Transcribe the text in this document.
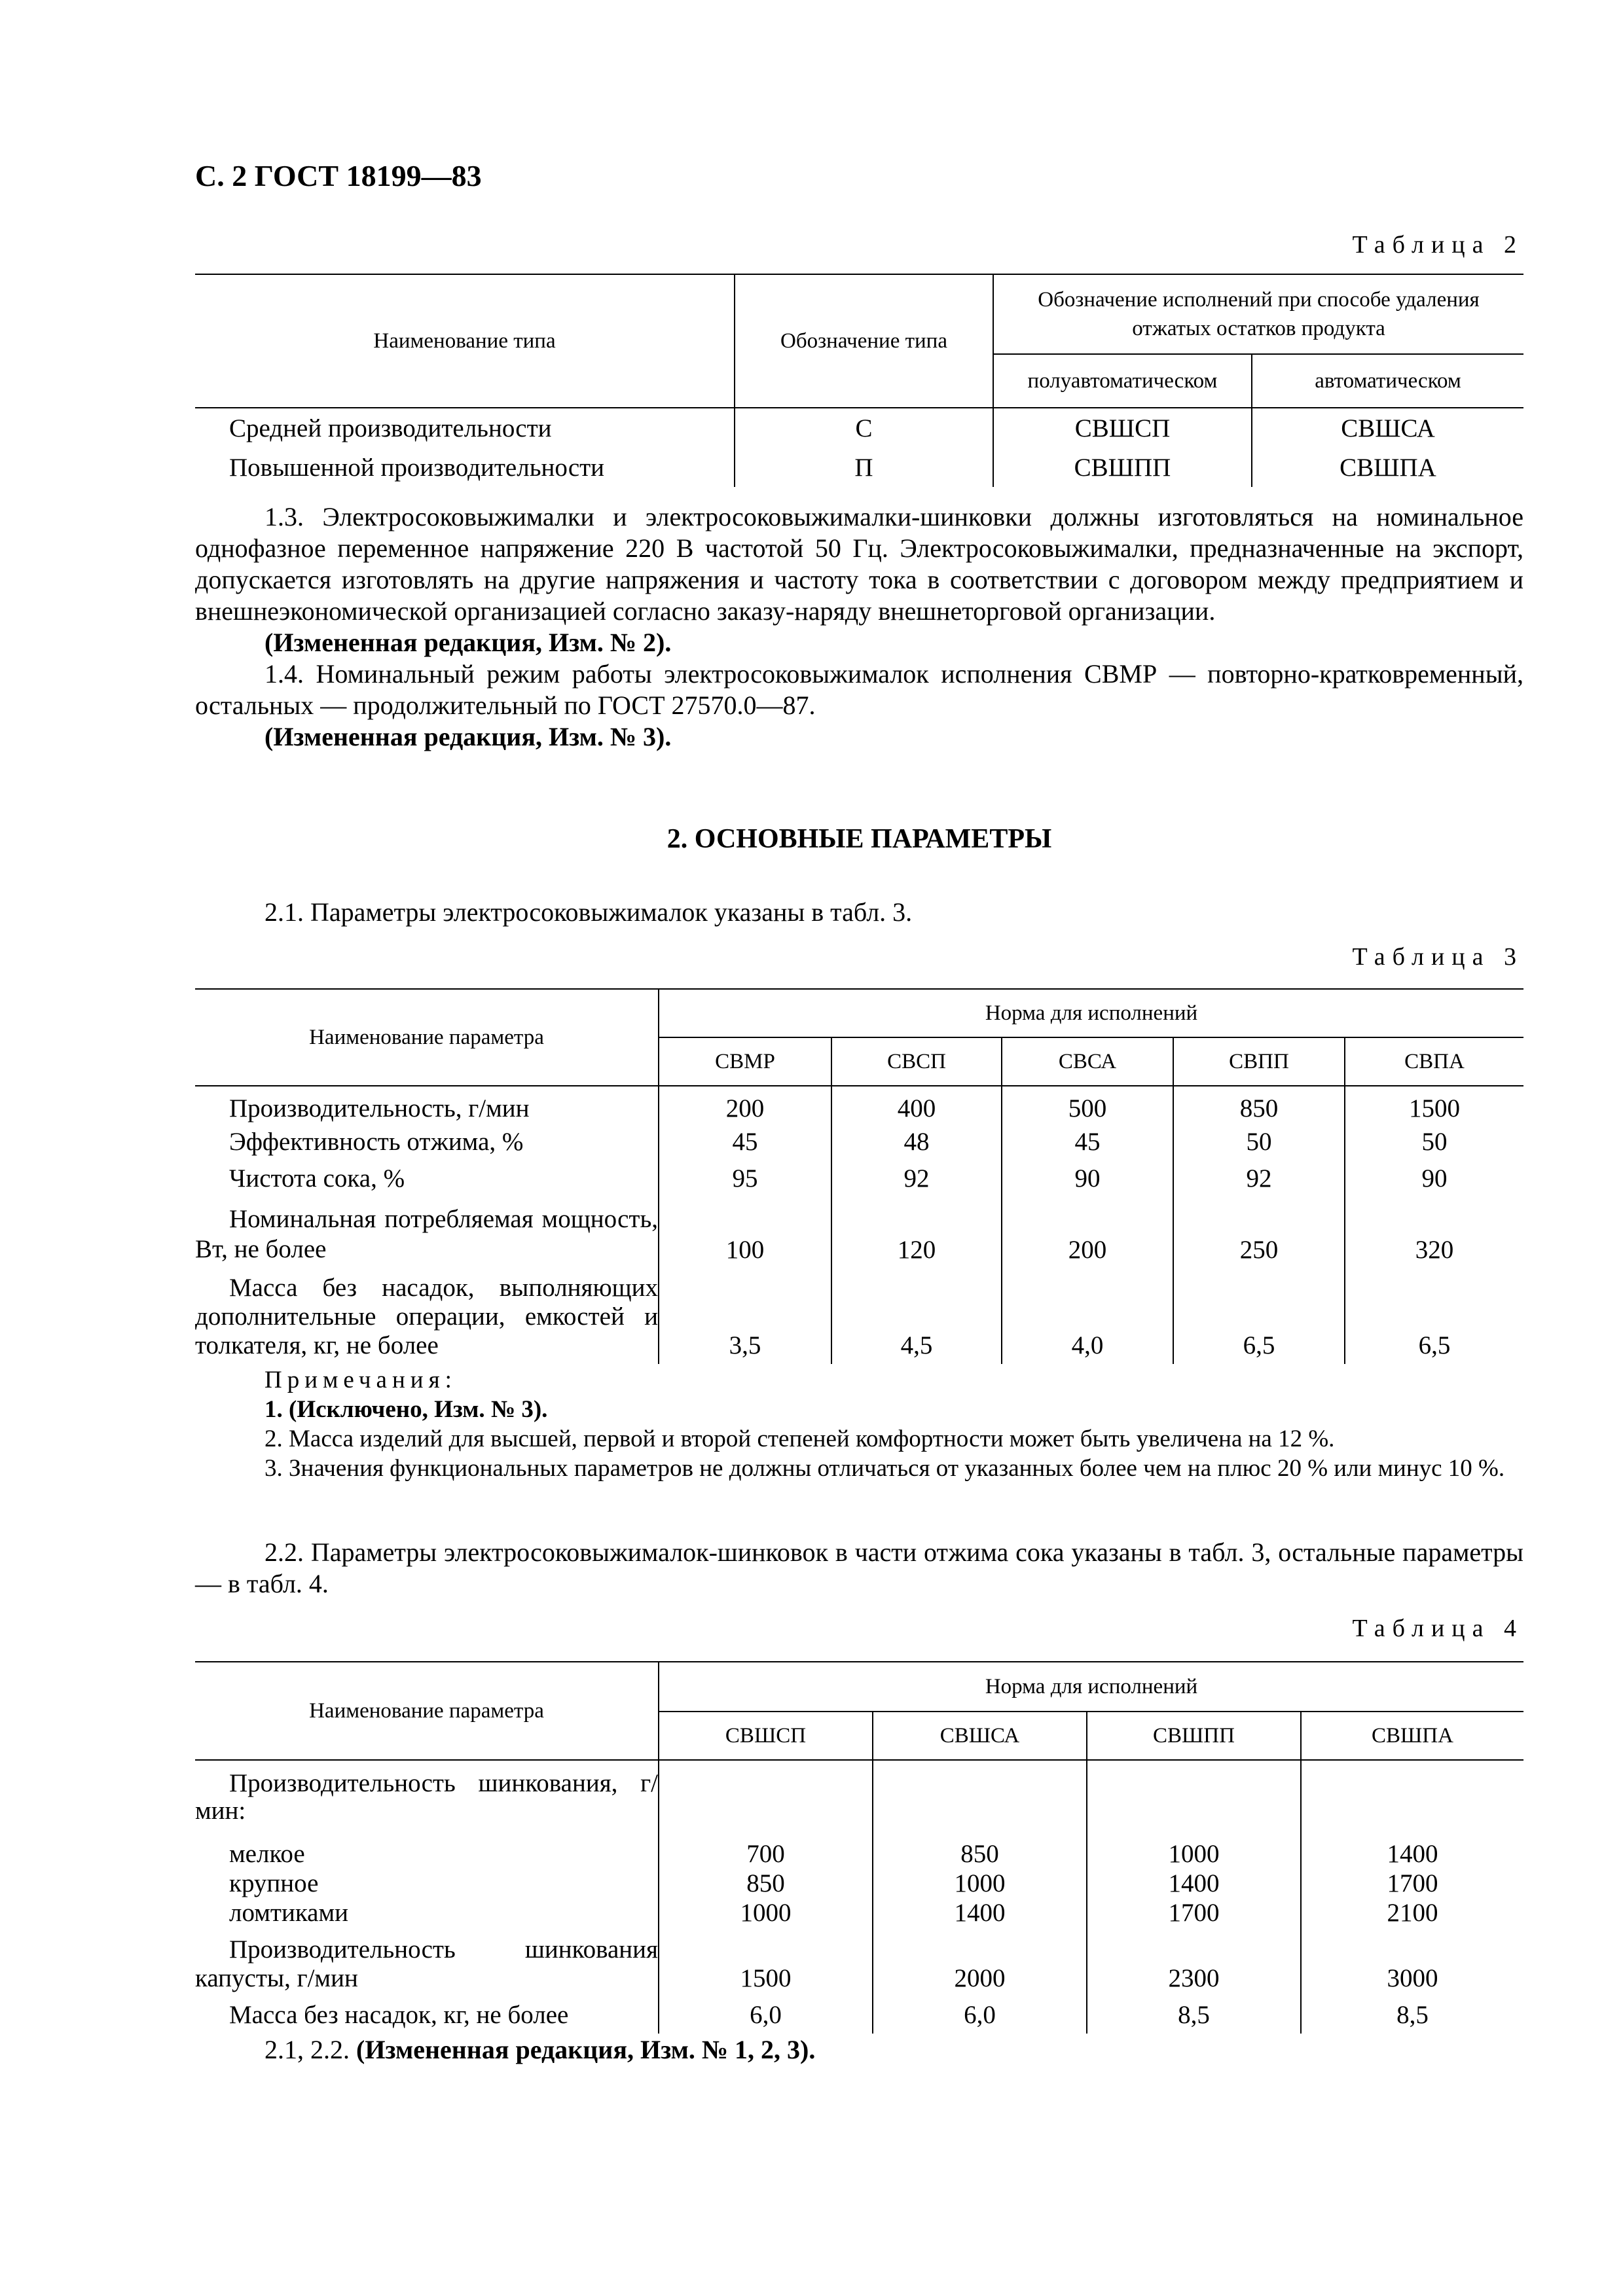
С. 2 ГОСТ 18199—83
Таблица 2
Наименование типа	Обозначение типа	Обозначение исполнений при способе удаления отжатых остатков продукта	
		полуавтоматическом	автоматическом
Средней производительности	С	СВШСП	СВШСА
Повышенной производительности	П	СВШПП	СВШПА

1.3. Электросоковыжималки и электросоковыжималки-шинковки должны изготовляться на номинальное однофазное переменное напряжение 220 В частотой 50 Гц. Электросоковыжималки, предназначенные на экспорт, допускается изготовлять на другие напряжения и частоту тока в соответствии с договором между предприятием и внешнеэкономической организацией согласно заказу-наряду внешнеторговой организации.

(Измененная редакция, Изм. № 2).

1.4. Номинальный режим работы электросоковыжималок исполнения СВМР — повторно-кратковременный, остальных — продолжительный по ГОСТ 27570.0—87.

(Измененная редакция, Изм. № 3).

2. ОСНОВНЫЕ ПАРАМЕТРЫ

2.1. Параметры электросоковыжималок указаны в табл. 3.

Таблица 3
Наименование параметра	Норма для исполнений				
	СВМР	СВСП	СВСА	СВПП	СВПА
Производительность, г/мин	200	400	500	850	1500
Эффективность отжима, %	45	48	45	50	50
Чистота сока, %	95	92	90	92	90

Номинальная потребляемая мощность, Вт, не более	100	120	200	250	320

Масса без насадок, выполняющих дополнительные операции, емкостей и толкателя, кг, не более	3,5	4,5	4,0	6,5	6,5

Примечания:

1. (Исключено, Изм. № 3).

2. Масса изделий для высшей, первой и второй степеней комфортности может быть увеличена на 12 %.

3. Значения функциональных параметров не должны отличаться от указанных более чем на плюс 20 % или минус 10 %.

2.2. Параметры электросоковыжималок-шинковок в части отжима сока указаны в табл. 3, остальные параметры — в табл. 4.

Таблица 4
Наименование параметра	Норма для исполнений			
	СВШСП	СВШСА	СВШПП	СВШПА

Производительность шинкования, г/мин:				

мелкое	700	850	1000	1400
крупное	850	1000	1400	1700
ломтиками	1000	1400	1700	2100

Производительность шинкования капусты, г/мин	1500	2000	2300	3000
Масса без насадок, кг, не более	6,0	6,0	8,5	8,5

2.1, 2.2. (Измененная редакция, Изм. № 1, 2, 3).
